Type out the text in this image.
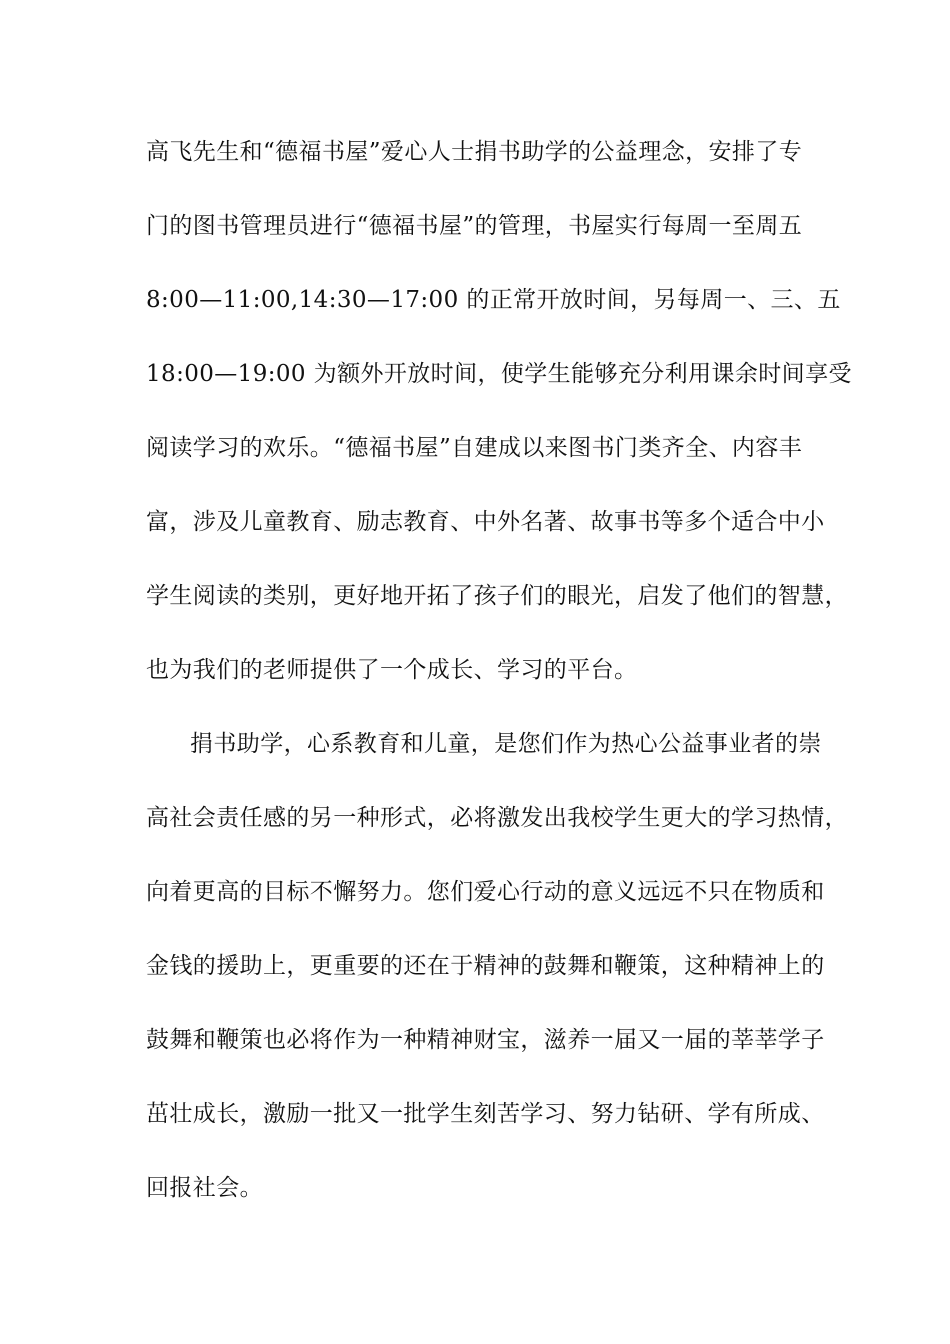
高飞先生和“德福书屋”爱心人士捐书助学的公益理念，安排了专
门的图书管理员进行“德福书屋”的管理，书屋实行每周一至周五
8:00—11:00,14:30—17:00 的正常开放时间，另每周一、三、五
18:00—19:00 为额外开放时间，使学生能够充分利用课余时间享受
阅读学习的欢乐。“德福书屋”自建成以来图书门类齐全、内容丰
富，涉及儿童教育、励志教育、中外名著、故事书等多个适合中小
学生阅读的类别，更好地开拓了孩子们的眼光，启发了他们的智慧，
也为我们的老师提供了一个成长、学习的平台。
捐书助学，心系教育和儿童，是您们作为热心公益事业者的崇
高社会责任感的另一种形式，必将激发出我校学生更大的学习热情，
向着更高的目标不懈努力。您们爱心行动的意义远远不只在物质和
金钱的援助上，更重要的还在于精神的鼓舞和鞭策，这种精神上的
鼓舞和鞭策也必将作为一种精神财宝，滋养一届又一届的莘莘学子
茁壮成长，激励一批又一批学生刻苦学习、努力钻研、学有所成、
回报社会。
